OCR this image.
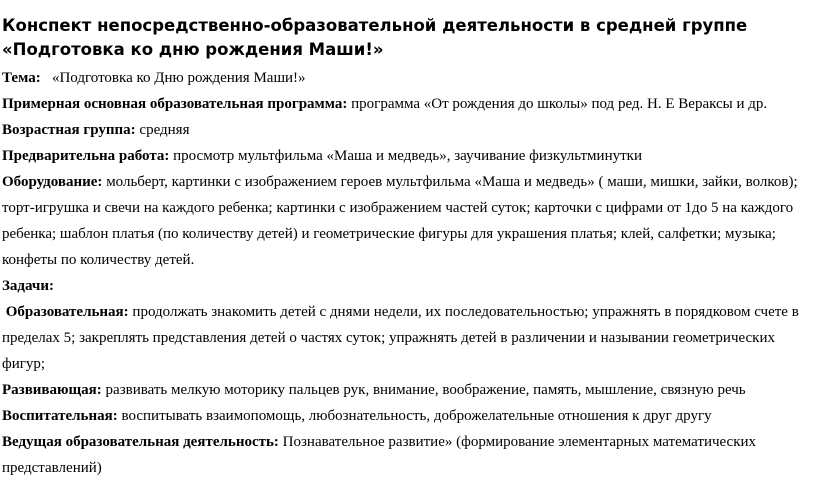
Конспект непосредственно-образовательной деятельности в средней группе «Подготовка ко дню рождения Маши!»

Тема: «Подготовка ко Дню рождения Маши!»

Примерная основная образовательная программа: программа «От рождения до школы» под ред. Н. Е Вераксы и др.

Возрастная группа: средняя

Предварительна работа: просмотр мультфильма «Маша и медведь», заучивание физкультминутки

Оборудование: мольберт, картинки с изображением героев мультфильма «Маша и медведь» ( маши, мишки, зайки, волков); торт-игрушка и свечи на каждого ребенка; картинки с изображением частей суток; карточки с цифрами от 1до 5 на каждого ребенка; шаблон платья (по количеству детей) и геометрические фигуры для украшения платья; клей, салфетки; музыка; конфеты по количеству детей.

Задачи:

Образовательная: продолжать знакомить детей с днями недели, их последовательностью; упражнять в порядковом счете в пределах 5; закреплять представления детей о частях суток; упражнять детей в различении и назывании геометрических фигур;

Развивающая: развивать мелкую моторику пальцев рук, внимание, воображение, память, мышление, связную речь

Воспитательная: воспитывать взаимопомощь, любознательность, доброжелательные отношения к друг другу

Ведущая образовательная деятельность: Познавательное развитие» (формирование элементарных математических представлений)
